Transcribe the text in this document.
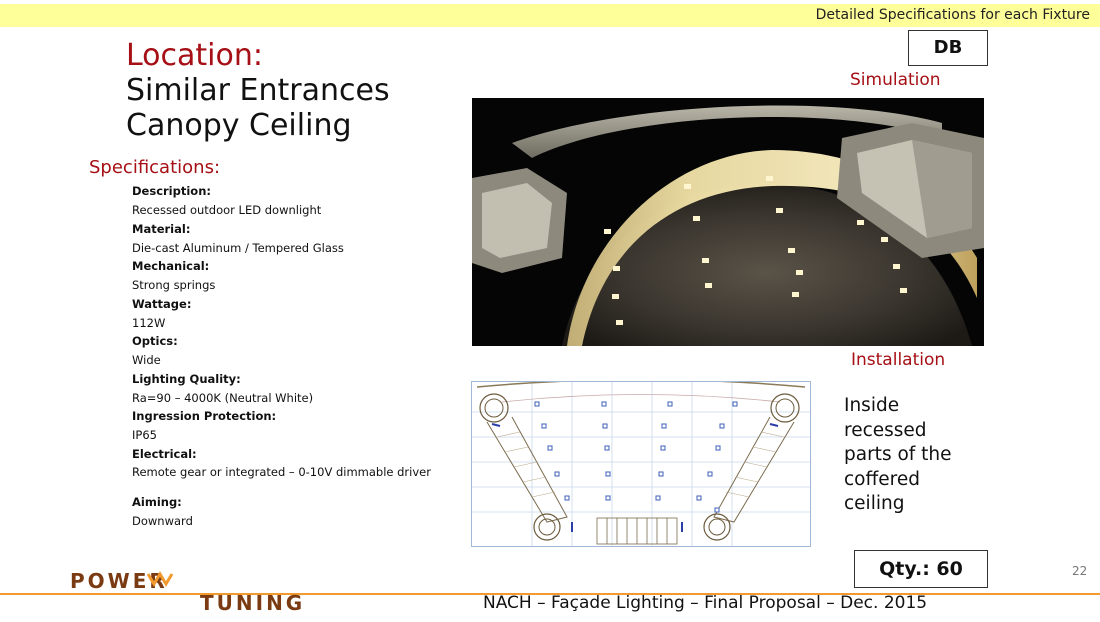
Detailed Specifications for each Fixture
Location:
Similar Entrances
Canopy Ceiling
Specifications:
Description:
Recessed outdoor LED downlight
Material:
Die-cast Aluminum / Tempered Glass
Mechanical:
Strong springs
Wattage:
112W
Optics:
Wide
Lighting Quality:
Ra=90 – 4000K (Neutral White)
Ingression Protection:
IP65
Electrical:
Remote gear or integrated – 0-10V dimmable driver
Aiming:
Downward
DB
Simulation
Installation
Inside recessed parts of the coffered ceiling
Qty.: 60	22
POWER
TUNING	NACH – Façade Lighting – Final Proposal – Dec. 2015
